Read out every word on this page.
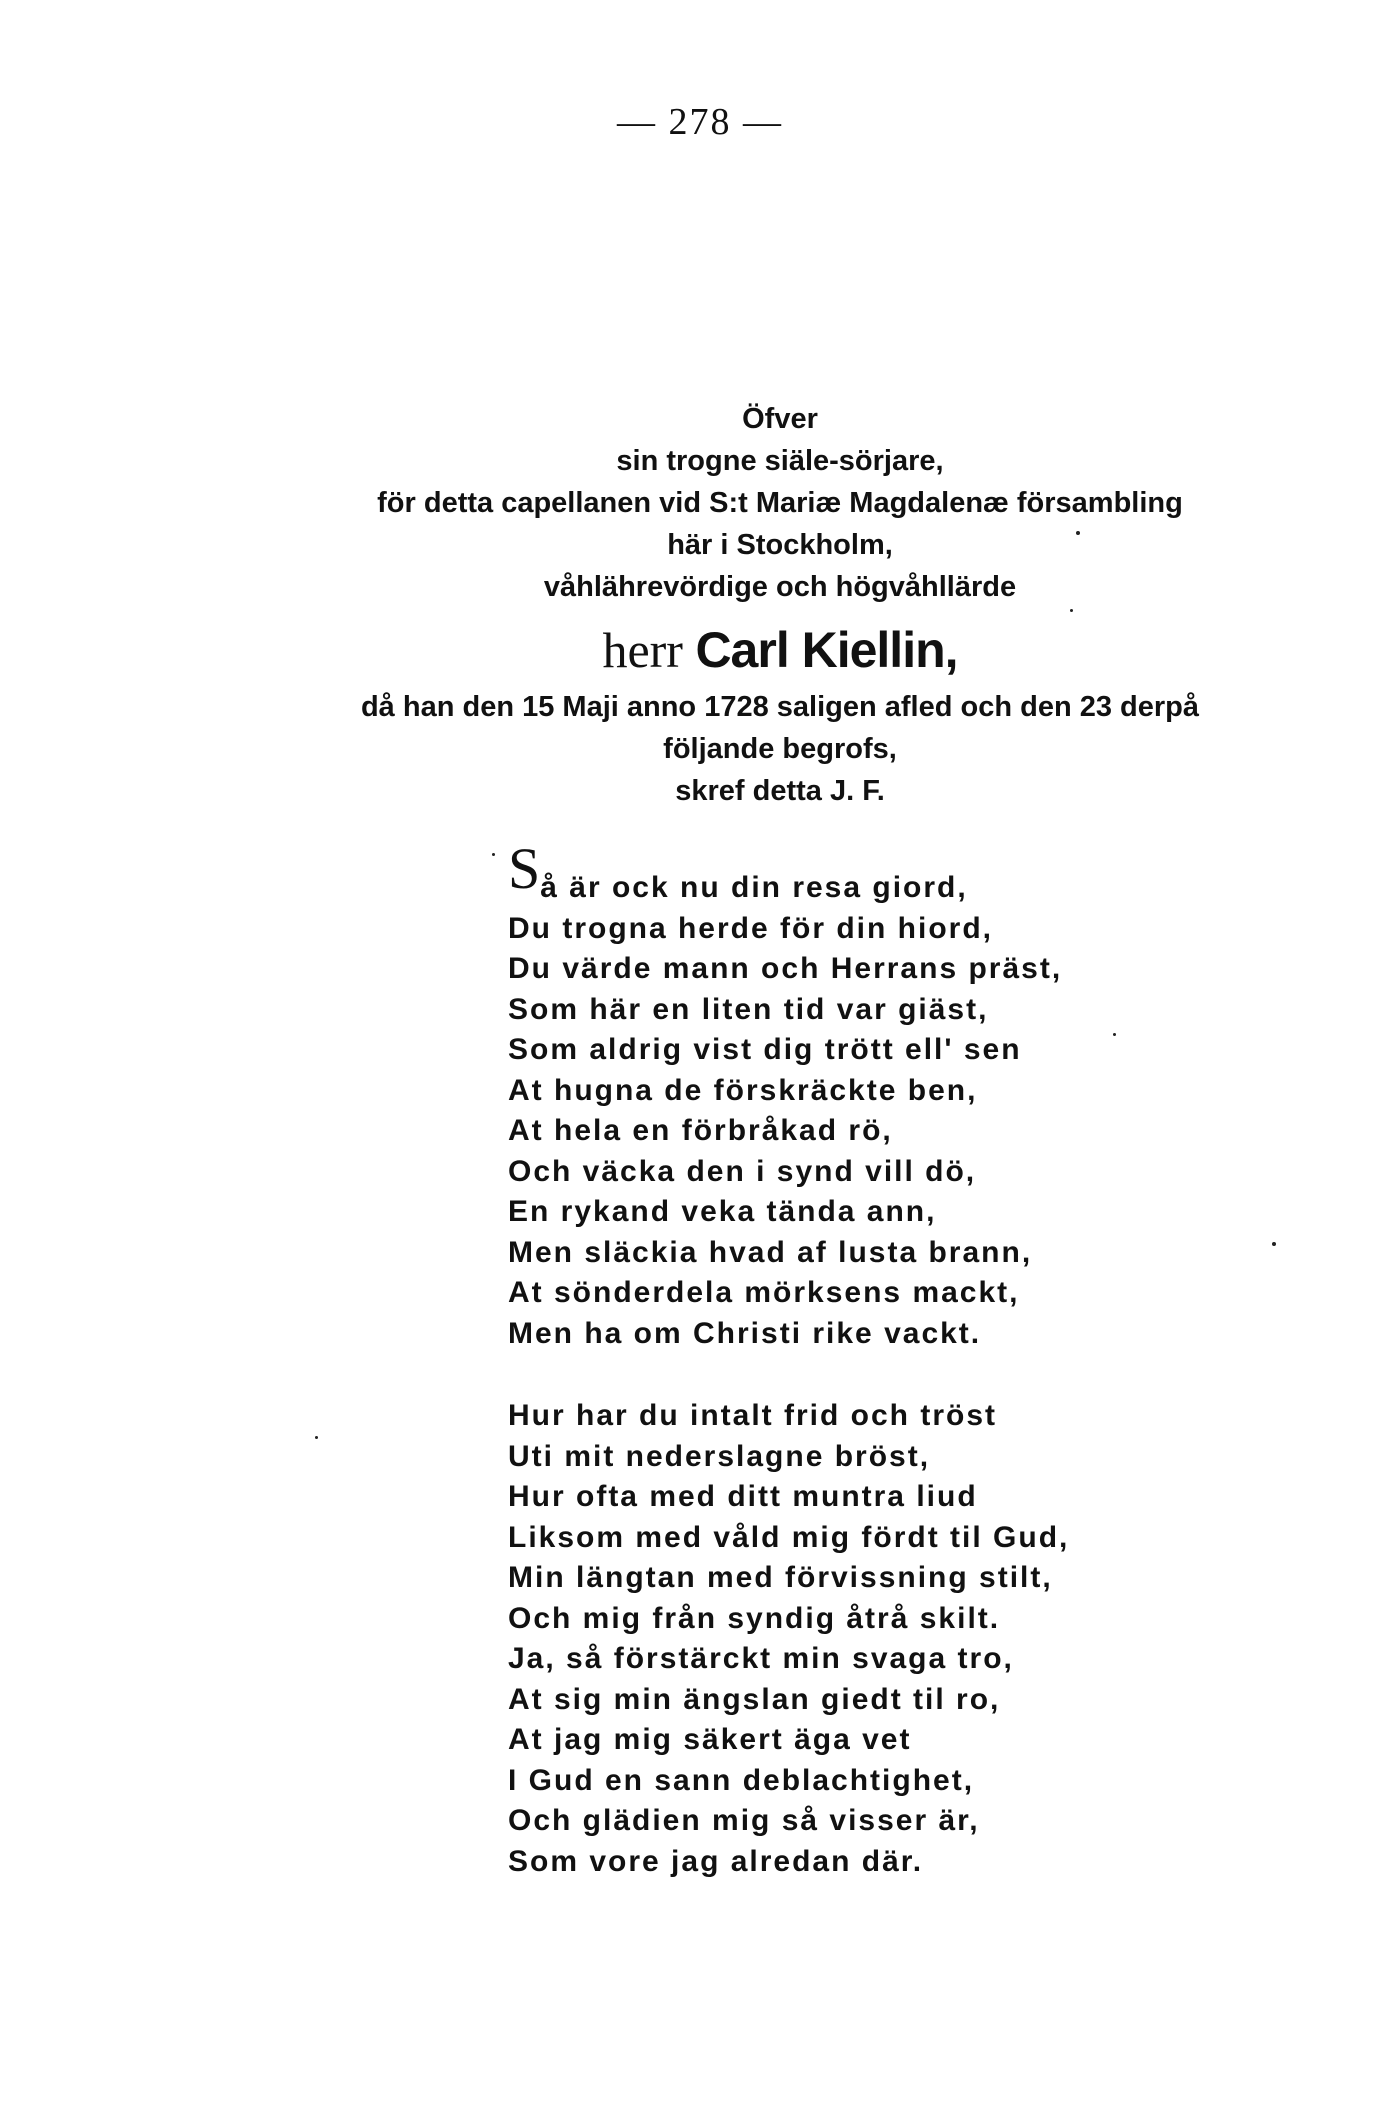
— 278 —
Öfver
sin trogne siäle-sörjare,
för detta capellanen vid S:t Mariæ Magdalenæ försambling
här i Stockholm,
våhlährevördige och högvåhllärde
herr Carl Kiellin,
då han den 15 Maji anno 1728 saligen afled och den 23 derpå
följande begrofs,
skref detta J. F.
S
å är ock nu din resa giord,
Du trogna herde för din hiord,
Du värde mann och Herrans präst,
Som här en liten tid var giäst,
Som aldrig vist dig trött ell' sen
At hugna de förskräckte ben,
At hela en förbråkad rö,
Och väcka den i synd vill dö,
En rykand veka tända ann,
Men släckia hvad af lusta brann,
At sönderdela mörksens mackt,
Men ha om Christi rike vackt.
Hur har du intalt frid och tröst
Uti mit nederslagne bröst,
Hur ofta med ditt muntra liud
Liksom med våld mig fördt til Gud,
Min längtan med förvissning stilt,
Och mig från syndig åtrå skilt.
Ja, så förstärckt min svaga tro,
At sig min ängslan giedt til ro,
At jag mig säkert äga vet
I Gud en sann deblachtighet,
Och glädien mig så visser är,
Som vore jag alredan där.
